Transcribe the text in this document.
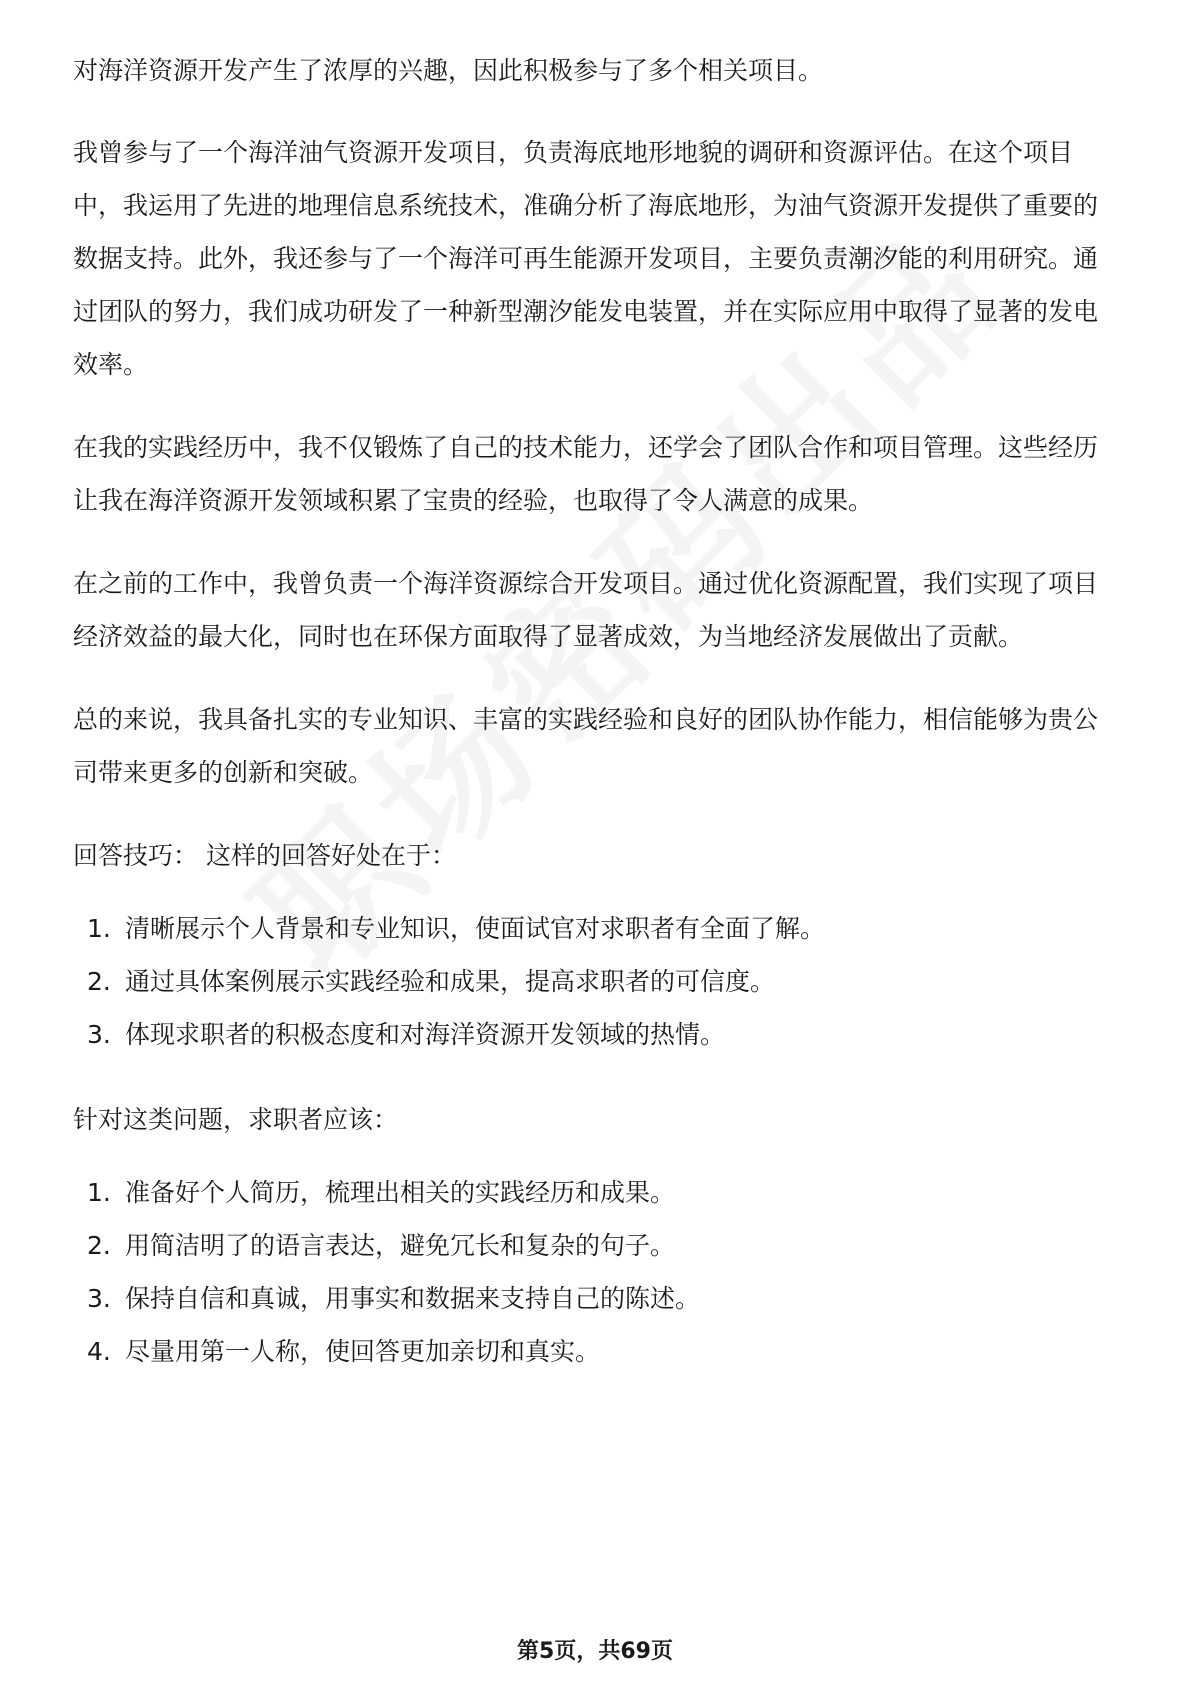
对海洋资源开发产生了浓厚的兴趣，因此积极参与了多个相关项目。

我曾参与了一个海洋油气资源开发项目，负责海底地形地貌的调研和资源评估。在这个项目中，我运用了先进的地理信息系统技术，准确分析了海底地形，为油气资源开发提供了重要的数据支持。此外，我还参与了一个海洋可再生能源开发项目，主要负责潮汐能的利用研究。通过团队的努力，我们成功研发了一种新型潮汐能发电装置，并在实际应用中取得了显著的发电效率。

在我的实践经历中，我不仅锻炼了自己的技术能力，还学会了团队合作和项目管理。这些经历让我在海洋资源开发领域积累了宝贵的经验，也取得了令人满意的成果。

在之前的工作中，我曾负责一个海洋资源综合开发项目。通过优化资源配置，我们实现了项目经济效益的最大化，同时也在环保方面取得了显著成效，为当地经济发展做出了贡献。

总的来说，我具备扎实的专业知识、丰富的实践经验和良好的团队协作能力，相信能够为贵公司带来更多的创新和突破。

回答技巧： 这样的回答好处在于：

1. 清晰展示个人背景和专业知识，使面试官对求职者有全面了解。
2. 通过具体案例展示实践经验和成果，提高求职者的可信度。
3. 体现求职者的积极态度和对海洋资源开发领域的热情。

针对这类问题，求职者应该：

1. 准备好个人简历，梳理出相关的实践经历和成果。
2. 用简洁明了的语言表达，避免冗长和复杂的句子。
3. 保持自信和真诚，用事实和数据来支持自己的陈述。
4. 尽量用第一人称，使回答更加亲切和真实。
第5页，共69页
